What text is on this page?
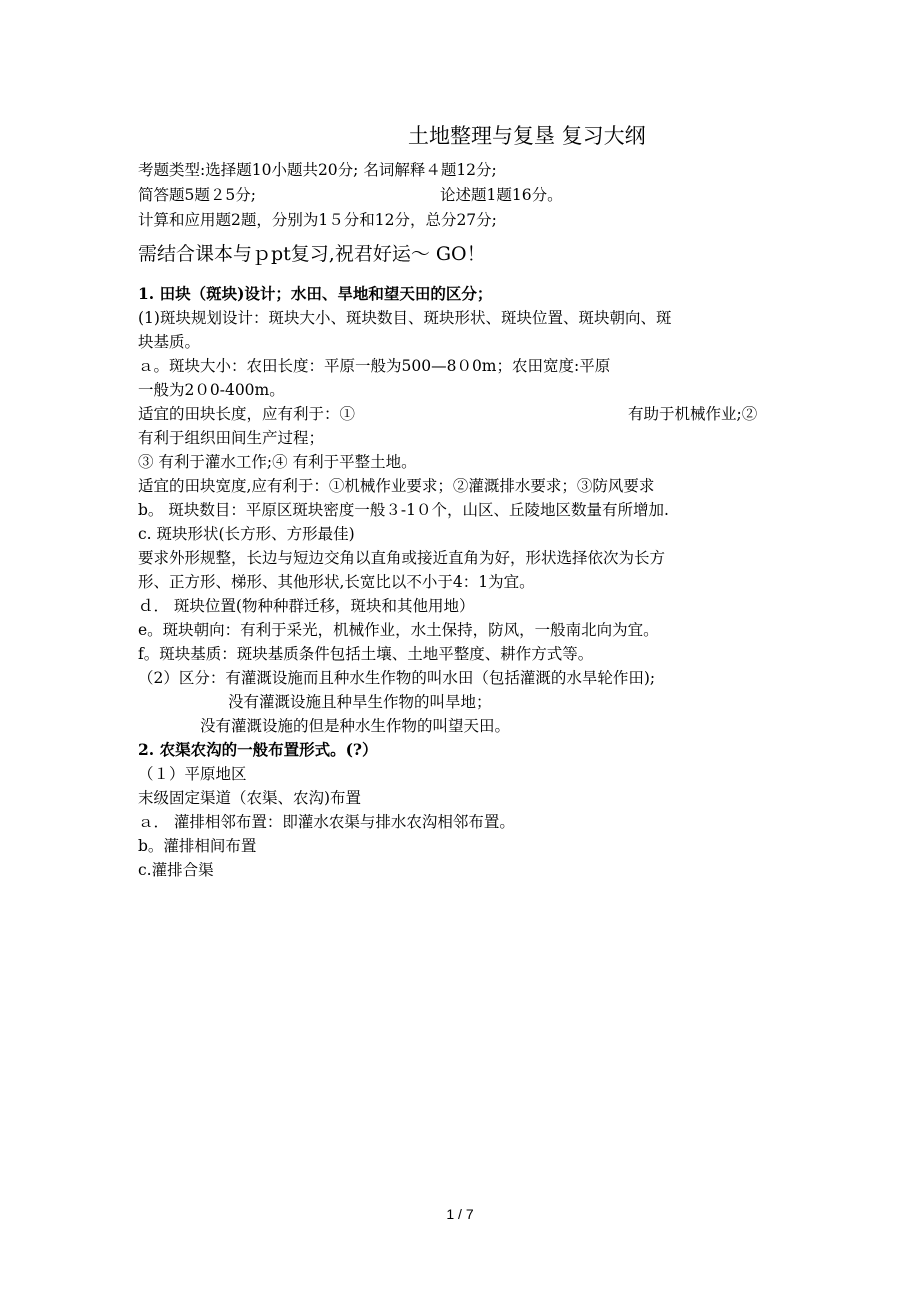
土地整理与复垦 复习大纲
考题类型:选择题10小题共20分; 名词解释４题12分;
简答题5题２5分;	论述题1题16分。
计算和应用题2题，分别为1５分和12分，总分27分;
需结合课本与ｐpt复习,祝君好运～ GO！
1. 田块（斑块)设计；水田、旱地和望天田的区分；
(1)斑块规划设计：斑块大小、斑块数目、斑块形状、斑块位置、斑块朝向、斑
块基质。
ａ。斑块大小：农田长度：平原一般为500—8０0m；农田宽度:平原
一般为2０0-400m。
适宜的田块长度，应有利于：①	有助于机械作业;②
有利于组织田间生产过程；
③ 有利于灌水工作;④ 有利于平整土地。
适宜的田块宽度,应有利于：①机械作业要求；②灌溉排水要求；③防风要求
b。 斑块数目：平原区斑块密度一般３-1０个，山区、丘陵地区数量有所增加.
c. 斑块形状(长方形、方形最佳)
要求外形规整，长边与短边交角以直角或接近直角为好，形状选择依次为长方
形、正方形、梯形、其他形状,长宽比以不小于4：1为宜。
ｄ． 斑块位置(物种种群迁移，斑块和其他用地）
e。斑块朝向：有利于采光，机械作业，水土保持，防风，一般南北向为宜。
f。斑块基质：斑块基质条件包括土壤、土地平整度、耕作方式等。
（2）区分：有灌溉设施而且种水生作物的叫水田（包括灌溉的水旱轮作田);
没有灌溉设施且种旱生作物的叫旱地；
没有灌溉设施的但是种水生作物的叫望天田。
2. 农渠农沟的一般布置形式。(?）
（１）平原地区
末级固定渠道（农渠、农沟)布置
ａ． 灌排相邻布置：即灌水农渠与排水农沟相邻布置。
b。灌排相间布置
c.灌排合渠
1 / 7
